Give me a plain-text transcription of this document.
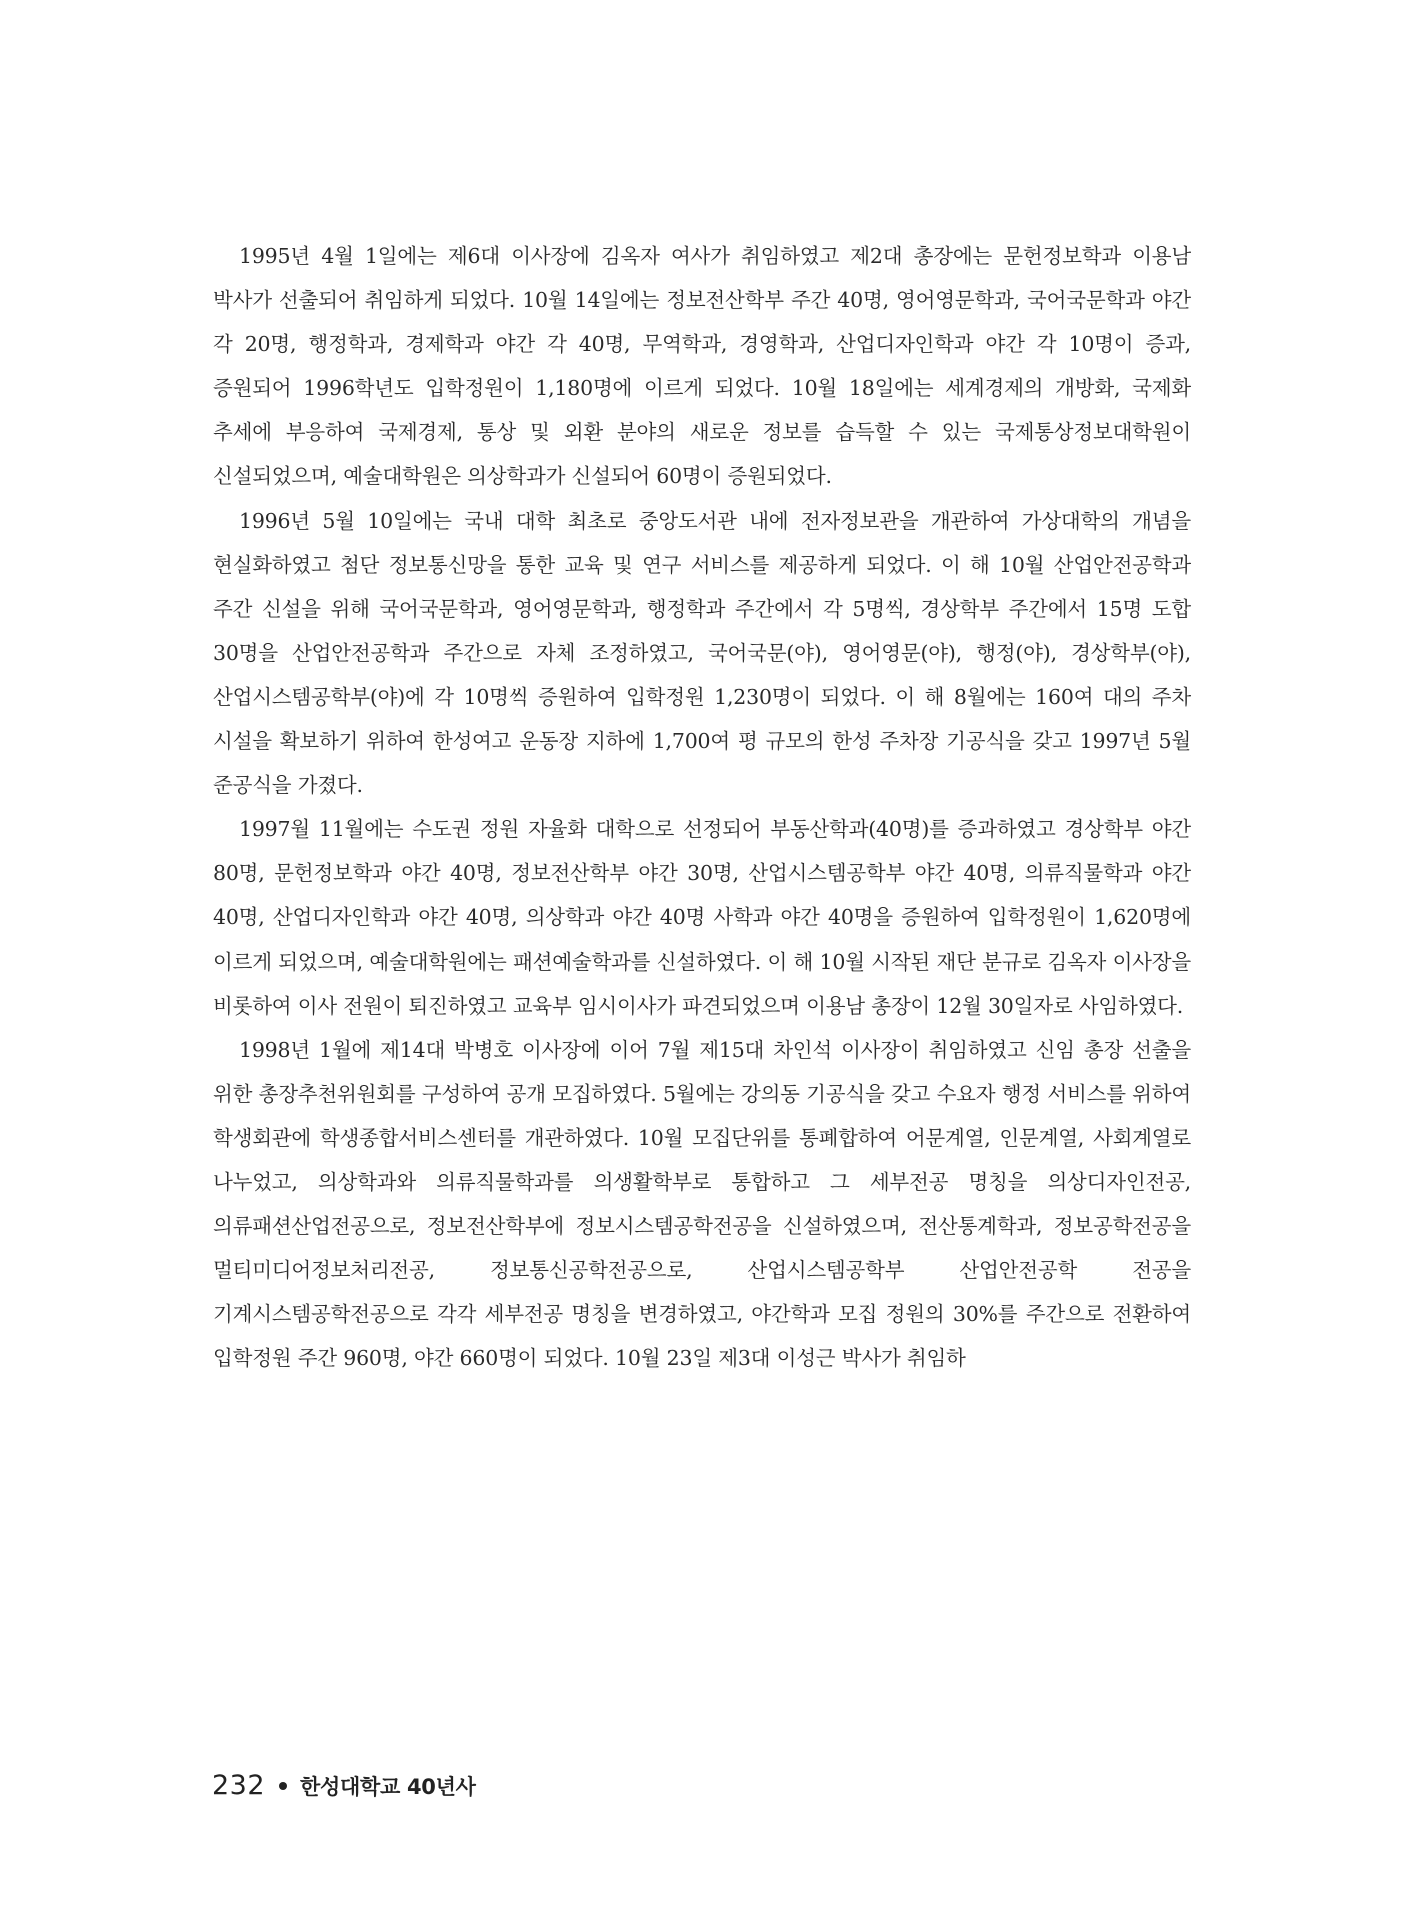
1995년 4월 1일에는 제6대 이사장에 김옥자 여사가 취임하였고 제2대 총장에는 문헌정보학과 이용남 박사가 선출되어 취임하게 되었다. 10월 14일에는 정보전산학부 주간 40명, 영어영문학과, 국어국문학과 야간 각 20명, 행정학과, 경제학과 야간 각 40명, 무역학과, 경영학과, 산업디자인학과 야간 각 10명이 증과, 증원되어 1996학년도 입학정원이 1,180명에 이르게 되었다. 10월 18일에는 세계경제의 개방화, 국제화 추세에 부응하여 국제경제, 통상 및 외환 분야의 새로운 정보를 습득할 수 있는 국제통상정보대학원이 신설되었으며, 예술대학원은 의상학과가 신설되어 60명이 증원되었다.

1996년 5월 10일에는 국내 대학 최초로 중앙도서관 내에 전자정보관을 개관하여 가상대학의 개념을 현실화하였고 첨단 정보통신망을 통한 교육 및 연구 서비스를 제공하게 되었다. 이 해 10월 산업안전공학과 주간 신설을 위해 국어국문학과, 영어영문학과, 행정학과 주간에서 각 5명씩, 경상학부 주간에서 15명 도합 30명을 산업안전공학과 주간으로 자체 조정하였고, 국어국문(야), 영어영문(야), 행정(야), 경상학부(야), 산업시스템공학부(야)에 각 10명씩 증원하여 입학정원 1,230명이 되었다. 이 해 8월에는 160여 대의 주차 시설을 확보하기 위하여 한성여고 운동장 지하에 1,700여 평 규모의 한성 주차장 기공식을 갖고 1997년 5월 준공식을 가졌다.

1997월 11월에는 수도권 정원 자율화 대학으로 선정되어 부동산학과(40명)를 증과하였고 경상학부 야간 80명, 문헌정보학과 야간 40명, 정보전산학부 야간 30명, 산업시스템공학부 야간 40명, 의류직물학과 야간 40명, 산업디자인학과 야간 40명, 의상학과 야간 40명 사학과 야간 40명을 증원하여 입학정원이 1,620명에 이르게 되었으며, 예술대학원에는 패션예술학과를 신설하였다. 이 해 10월 시작된 재단 분규로 김옥자 이사장을 비롯하여 이사 전원이 퇴진하였고 교육부 임시이사가 파견되었으며 이용남 총장이 12월 30일자로 사임하였다.

1998년 1월에 제14대 박병호 이사장에 이어 7월 제15대 차인석 이사장이 취임하였고 신임 총장 선출을 위한 총장추천위원회를 구성하여 공개 모집하였다. 5월에는 강의동 기공식을 갖고 수요자 행정 서비스를 위하여 학생회관에 학생종합서비스센터를 개관하였다. 10월 모집단위를 통폐합하여 어문계열, 인문계열, 사회계열로 나누었고, 의상학과와 의류직물학과를 의생활학부로 통합하고 그 세부전공 명칭을 의상디자인전공, 의류패션산업전공으로, 정보전산학부에 정보시스템공학전공을 신설하였으며, 전산통계학과, 정보공학전공을 멀티미디어정보처리전공, 정보통신공학전공으로, 산업시스템공학부 산업안전공학 전공을 기계시스템공학전공으로 각각 세부전공 명칭을 변경하였고, 야간학과 모집 정원의 30%를 주간으로 전환하여 입학정원 주간 960명, 야간 660명이 되었다. 10월 23일 제3대 이성근 박사가 취임하

232 한성대학교 40년사
